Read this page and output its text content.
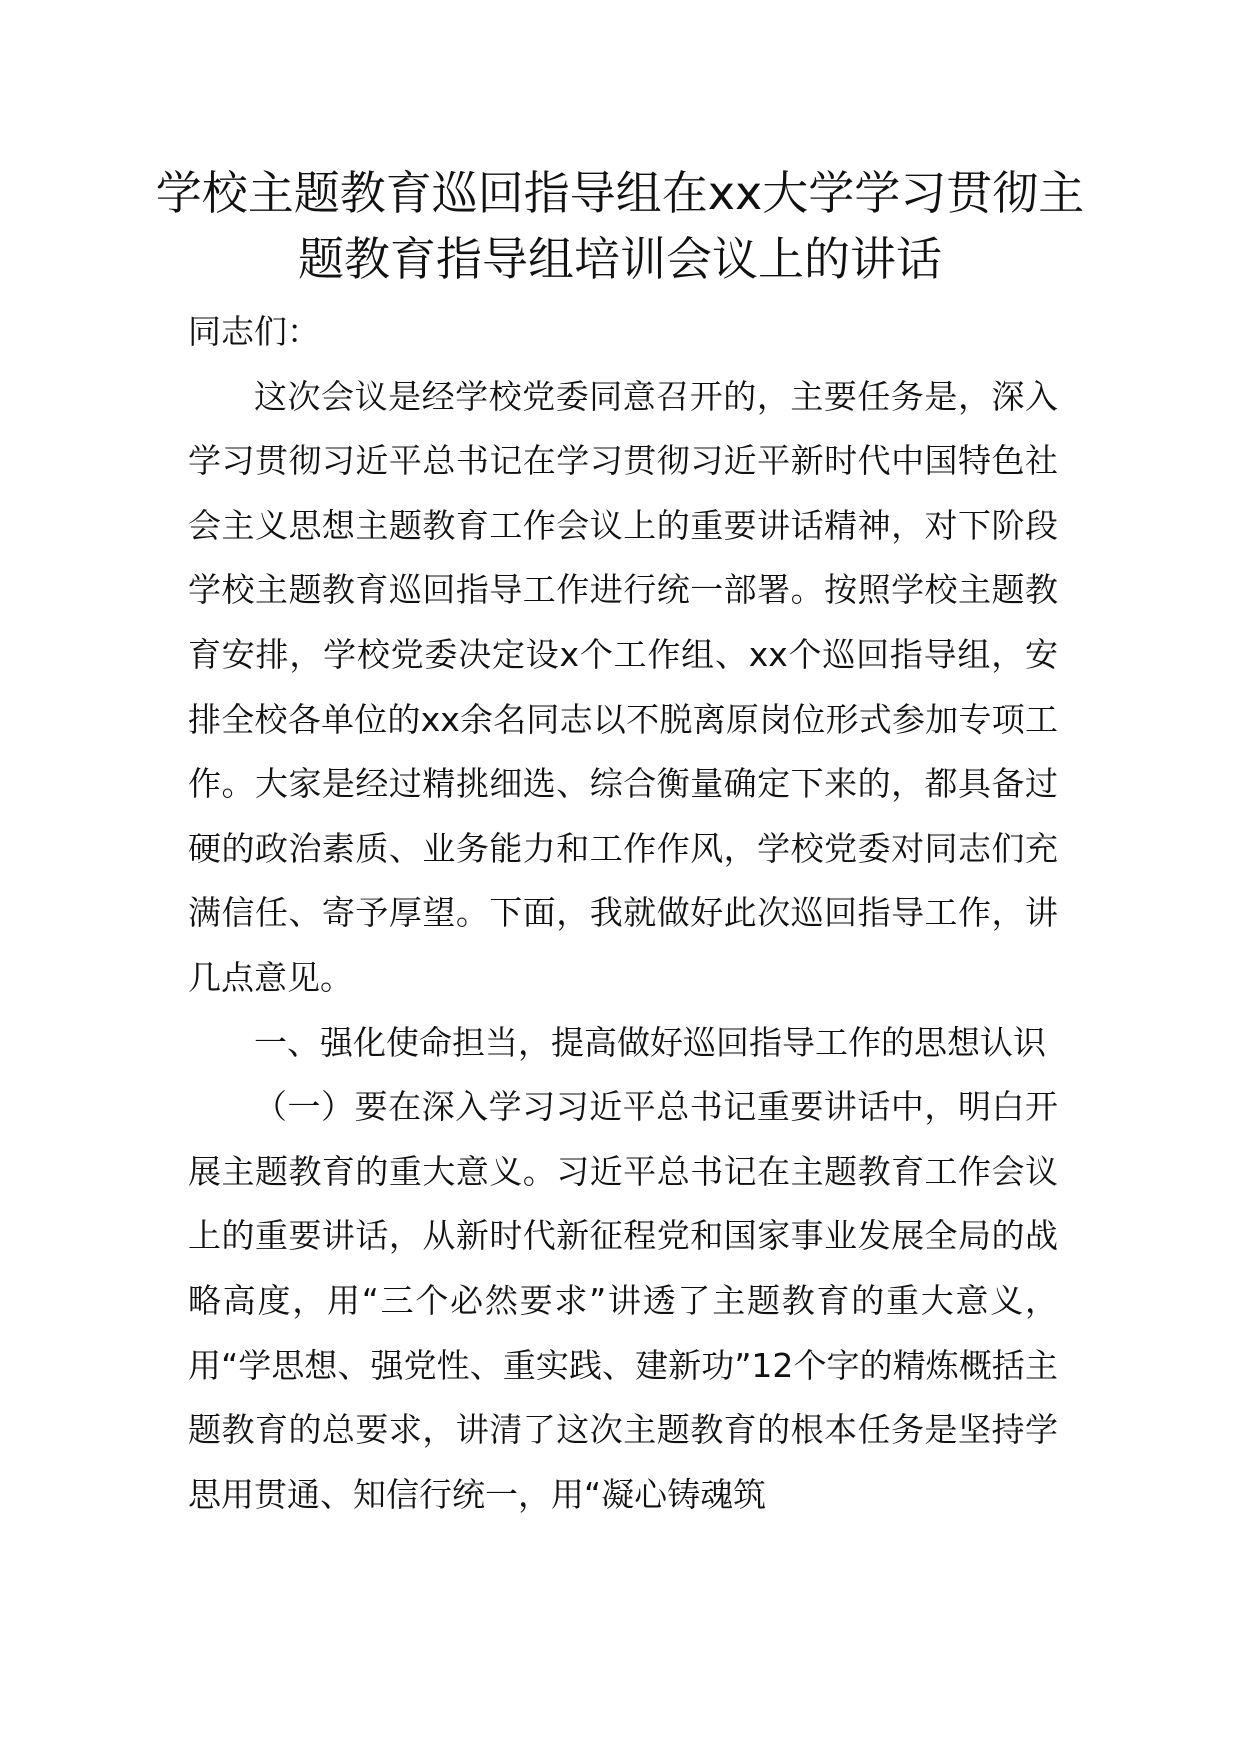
学校主题教育巡回指导组在xx大学学习贯彻主题教育指导组培训会议上的讲话

同志们：

这次会议是经学校党委同意召开的，主要任务是，深入学习贯彻习近平总书记在学习贯彻习近平新时代中国特色社会主义思想主题教育工作会议上的重要讲话精神，对下阶段学校主题教育巡回指导工作进行统一部署。按照学校主题教育安排，学校党委决定设x个工作组、xx个巡回指导组，安排全校各单位的xx余名同志以不脱离原岗位形式参加专项工作。大家是经过精挑细选、综合衡量确定下来的，都具备过硬的政治素质、业务能力和工作作风，学校党委对同志们充满信任、寄予厚望。下面，我就做好此次巡回指导工作，讲几点意见。

一、强化使命担当，提高做好巡回指导工作的思想认识

（一）要在深入学习习近平总书记重要讲话中，明白开展主题教育的重大意义。习近平总书记在主题教育工作会议上的重要讲话，从新时代新征程党和国家事业发展全局的战略高度，用“三个必然要求”讲透了主题教育的重大意义，用“学思想、强党性、重实践、建新功”12个字的精炼概括主题教育的总要求，讲清了这次主题教育的根本任务是坚持学思用贯通、知信行统一，用“凝心铸魂筑
